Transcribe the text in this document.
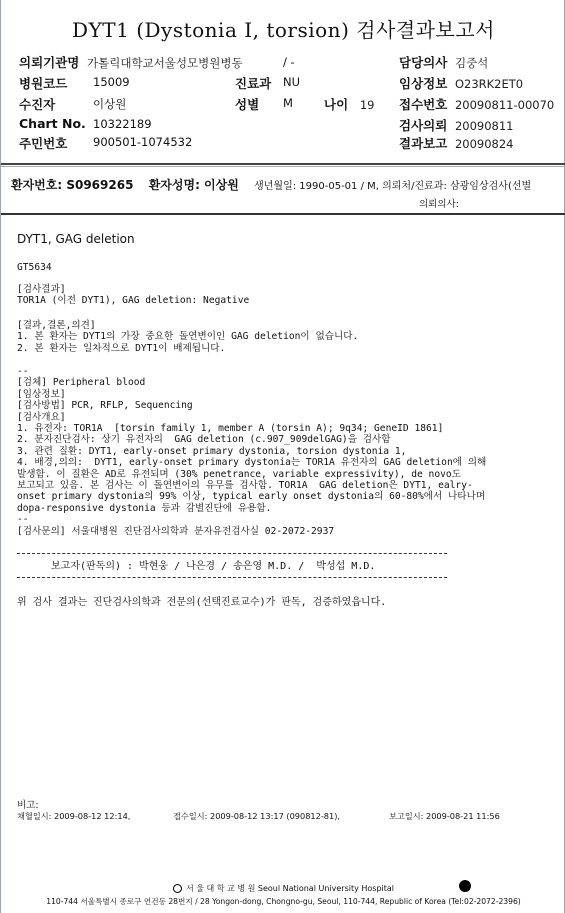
DYT1 (Dystonia I, torsion) 검사결과보고서
의뢰기관명 가톨릭대학교서울성모병원병동	/ -	담당의사 김중석
병원코드 15009	진료과 NU	임상정보 O23RK2ET0
수진자	이상원	성별 M 나이 19 접수번호 20090811-00070
Chart No. 10322189	검사의뢰 20090811
주민번호 900501-1074532	결과보고 20090824
환자번호: S0969265 환자성명: 이상원 생년월일: 1990-05-01 / M, 의뢰처/진료과: 삼광임상검사(선별
의뢰의사:
DYT1, GAG deletion
GT5634
[검사결과]
TOR1A (이전 DYT1), GAG deletion: Negative
[결과,결론,의견]
1. 본 환자는 DYT1의 가장 중요한 돌연변이인 GAG deletion이 없습니다.
2. 본 환자는 일차적으로 DYT1이 배제됩니다.
--
[검체] Peripheral blood
[임상정보]
[검사방법] PCR, RFLP, Sequencing
[검사개요]
1. 유전자: TOR1A  [torsin family 1, member A (torsin A); 9q34; GeneID 1861]
2. 분자진단검사: 상기 유전자의  GAG deletion (c.907_909delGAG)을 검사함
3. 관련 질환: DYT1, early-onset primary dystonia, torsion dystonia 1,
4. 배경,의의:  DYT1, early-onset primary dystonia는 TOR1A 유전자의 GAG deletion에 의해
발생함. 이 질환은 AD로 유전되며 (30% penetrance, variable expressivity), de novo도
보고되고 있음. 본 검사는 이 돌연변이의 유무를 검사함. TOR1A  GAG deletion은 DYT1, ealry-
onset primary dystonia의 99% 이상, typical early onset dystonia의 60-80%에서 나타나며
dopa-responsive dystonia 등과 감별진단에 유용함.
--
[검사문의] 서울대병원 진단검사의학과 분자유전검사실 02-2072-2937
보고자(판독의) : 박현웅 / 나은경 / 송은영 M.D. /  박성섭 M.D.
위 검사 결과는 진단검사의학과 전문의(선택진료교수)가 판독, 검증하였읍니다.
비고:
채혈일시: 2009-08-12 12:14,	접수일시: 2009-08-12 13:17 (090812-81),	보고일시: 2009-08-21 11:56
서 울 대 학 교 병 원 Seoul National University Hospital
110-744 서울특별시 종로구 연건동 28번지 / 28 Yongon-dong, Chongno-gu, Seoul, 110-744, Republic of Korea (Tel:02-2072-2396)
